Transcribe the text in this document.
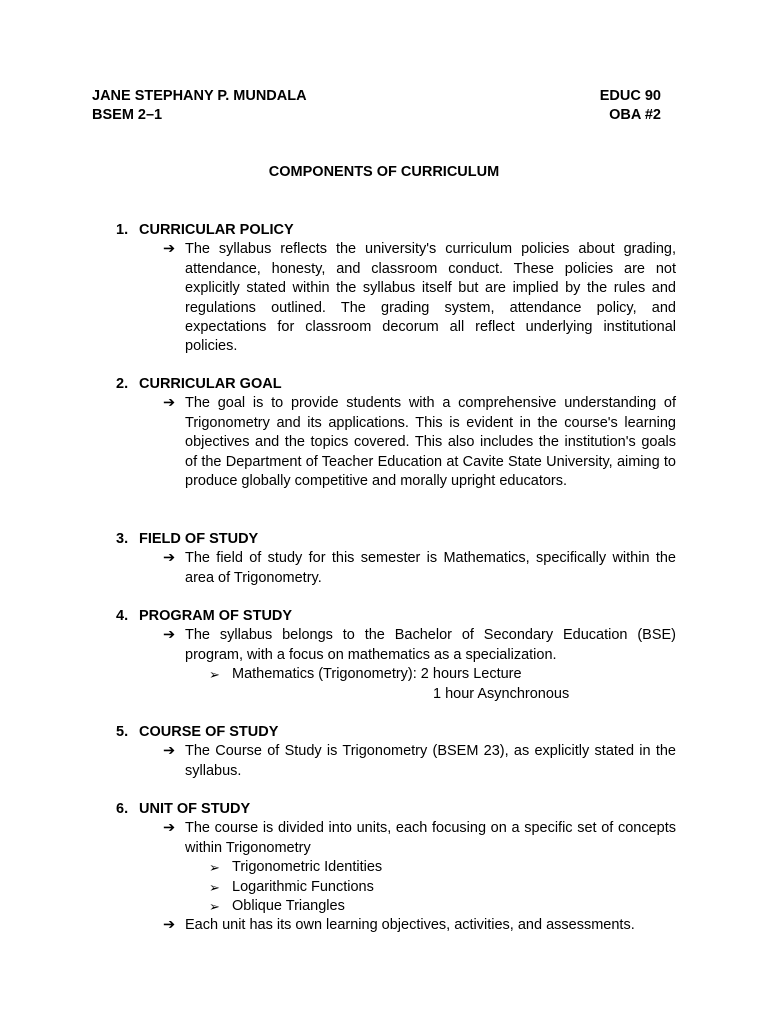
JANE STEPHANY P. MUNDALA	EDUC 90
BSEM 2–1	OBA #2
COMPONENTS OF CURRICULUM
1. CURRICULAR POLICY
➔ The syllabus reflects the university's curriculum policies about grading, attendance, honesty, and classroom conduct. These policies are not explicitly stated within the syllabus itself but are implied by the rules and regulations outlined. The grading system, attendance policy, and expectations for classroom decorum all reflect underlying institutional policies.
2. CURRICULAR GOAL
➔ The goal is to provide students with a comprehensive understanding of Trigonometry and its applications. This is evident in the course's learning objectives and the topics covered. This also includes the institution's goals of the Department of Teacher Education at Cavite State University, aiming to produce globally competitive and morally upright educators.
3. FIELD OF STUDY
➔ The field of study for this semester is Mathematics, specifically within the area of Trigonometry.
4. PROGRAM OF STUDY
➔ The syllabus belongs to the Bachelor of Secondary Education (BSE) program, with a focus on mathematics as a specialization.
➢ Mathematics (Trigonometry): 2 hours Lecture
1 hour Asynchronous
5. COURSE OF STUDY
➔ The Course of Study is Trigonometry (BSEM 23), as explicitly stated in the syllabus.
6. UNIT OF STUDY
➔ The course is divided into units, each focusing on a specific set of concepts within Trigonometry
➢ Trigonometric Identities
➢ Logarithmic Functions
➢ Oblique Triangles
➔ Each unit has its own learning objectives, activities, and assessments.
